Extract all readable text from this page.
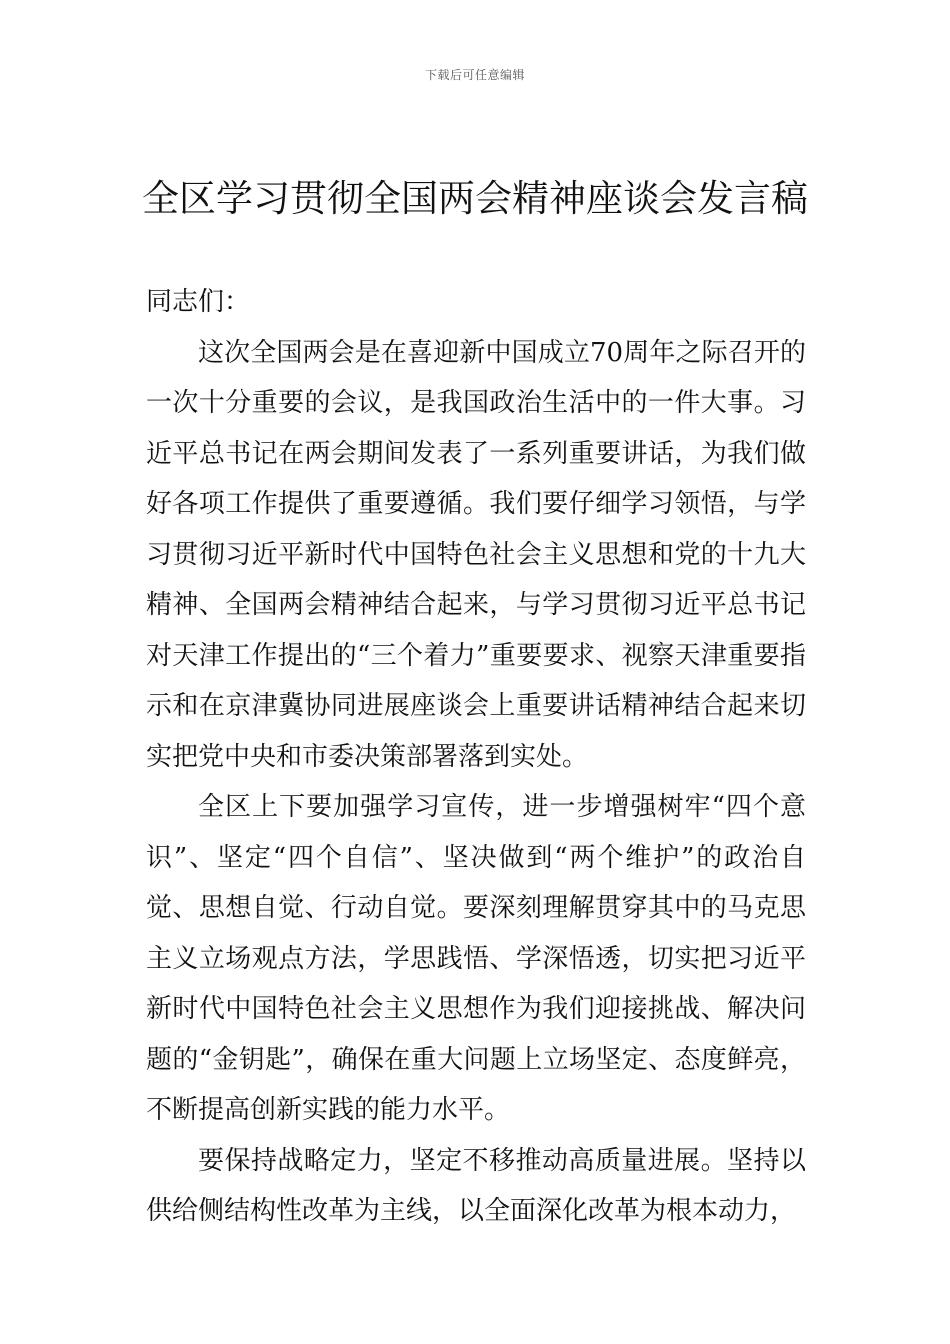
下载后可任意编辑
全区学习贯彻全国两会精神座谈会发言稿

同志们：

这次全国两会是在喜迎新中国成立70周年之际召开的一次十分重要的会议，是我国政治生活中的一件大事。习近平总书记在两会期间发表了一系列重要讲话，为我们做好各项工作提供了重要遵循。我们要仔细学习领悟，与学习贯彻习近平新时代中国特色社会主义思想和党的十九大精神、全国两会精神结合起来，与学习贯彻习近平总书记对天津工作提出的“三个着力”重要要求、视察天津重要指示和在京津冀协同进展座谈会上重要讲话精神结合起来切实把党中央和市委决策部署落到实处。

全区上下要加强学习宣传，进一步增强树牢“四个意识”、坚定“四个自信”、坚决做到“两个维护”的政治自觉、思想自觉、行动自觉。要深刻理解贯穿其中的马克思主义立场观点方法，学思践悟、学深悟透，切实把习近平新时代中国特色社会主义思想作为我们迎接挑战、解决问题的“金钥匙”，确保在重大问题上立场坚定、态度鲜亮，不断提高创新实践的能力水平。

要保持战略定力，坚定不移推动高质量进展。坚持以供给侧结构性改革为主线，以全面深化改革为根本动力，
